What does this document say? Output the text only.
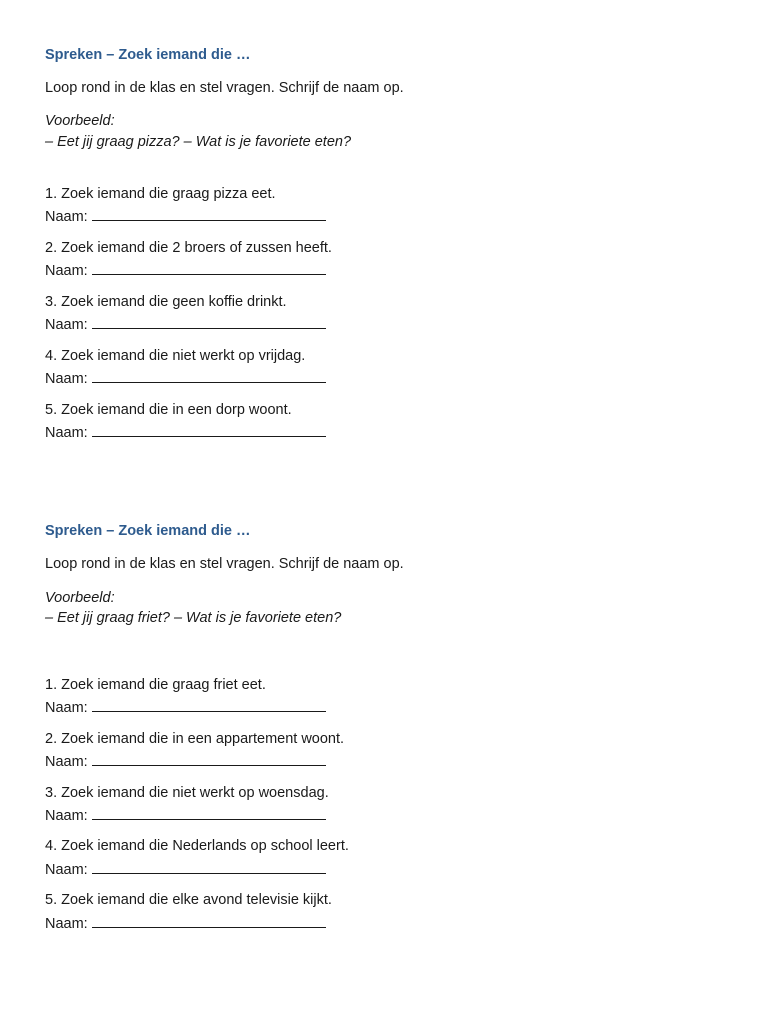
Spreken – Zoek iemand die …
Loop rond in de klas en stel vragen. Schrijf de naam op.
Voorbeeld:
– Eet jij graag pizza? – Wat is je favoriete eten?
1. Zoek iemand die graag pizza eet.
Naam:
2. Zoek iemand die 2 broers of zussen heeft.
Naam:
3. Zoek iemand die geen koffie drinkt.
Naam:
4. Zoek iemand die niet werkt op vrijdag.
Naam:
5. Zoek iemand die in een dorp woont.
Naam:
Spreken – Zoek iemand die …
Loop rond in de klas en stel vragen. Schrijf de naam op.
Voorbeeld:
– Eet jij graag friet? – Wat is je favoriete eten?
1. Zoek iemand die graag friet eet.
Naam:
2. Zoek iemand die in een appartement woont.
Naam:
3. Zoek iemand die niet werkt op woensdag.
Naam:
4. Zoek iemand die Nederlands op school leert.
Naam:
5. Zoek iemand die elke avond televisie kijkt.
Naam:
